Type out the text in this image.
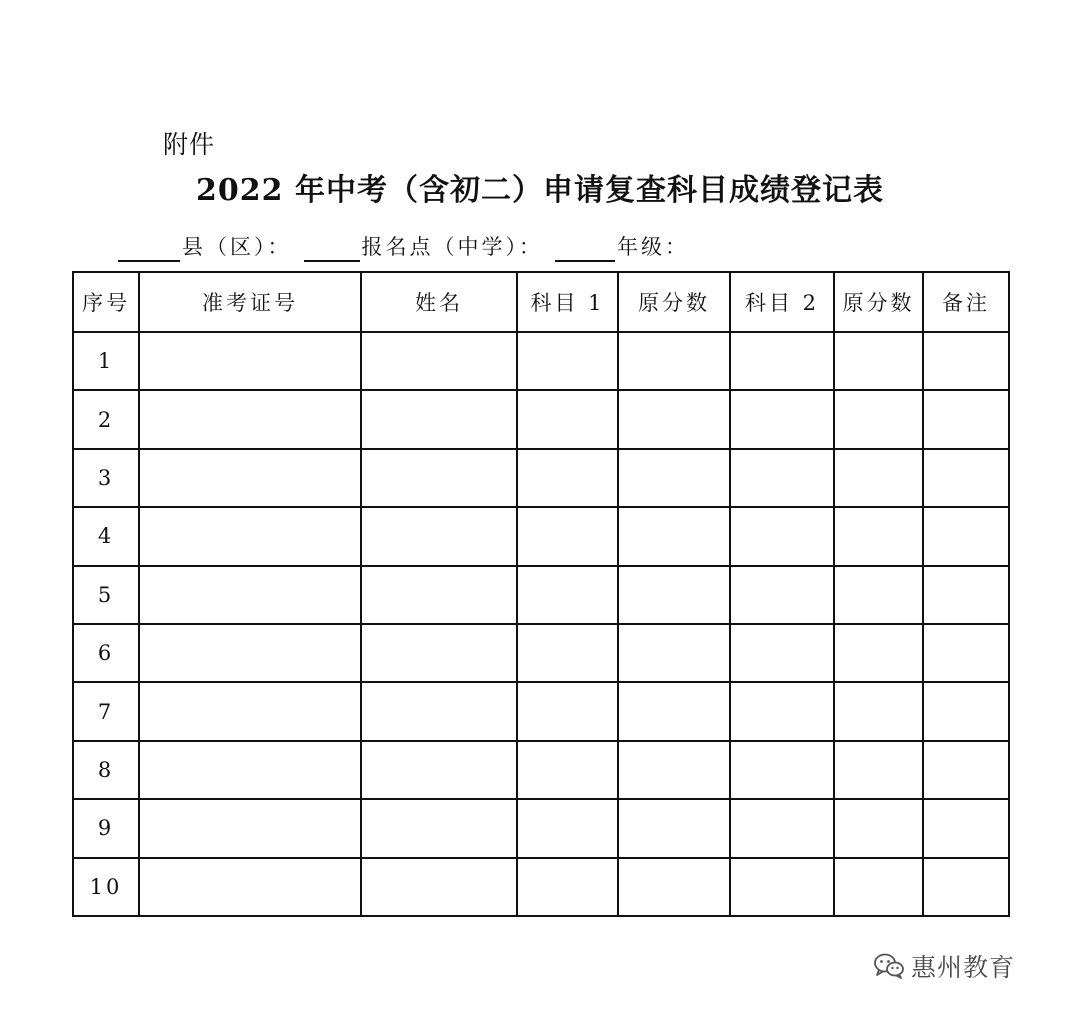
附件
2022 年中考（含初二）申请复查科目成绩登记表
县（区）：	报名点（中学）：	年级：
序号	准考证号	姓名	科目 1	原分数	科目 2	原分数	备注
1							
2							
3							
4							
5							
6							
7							
8							
9							
10							
惠州教育
